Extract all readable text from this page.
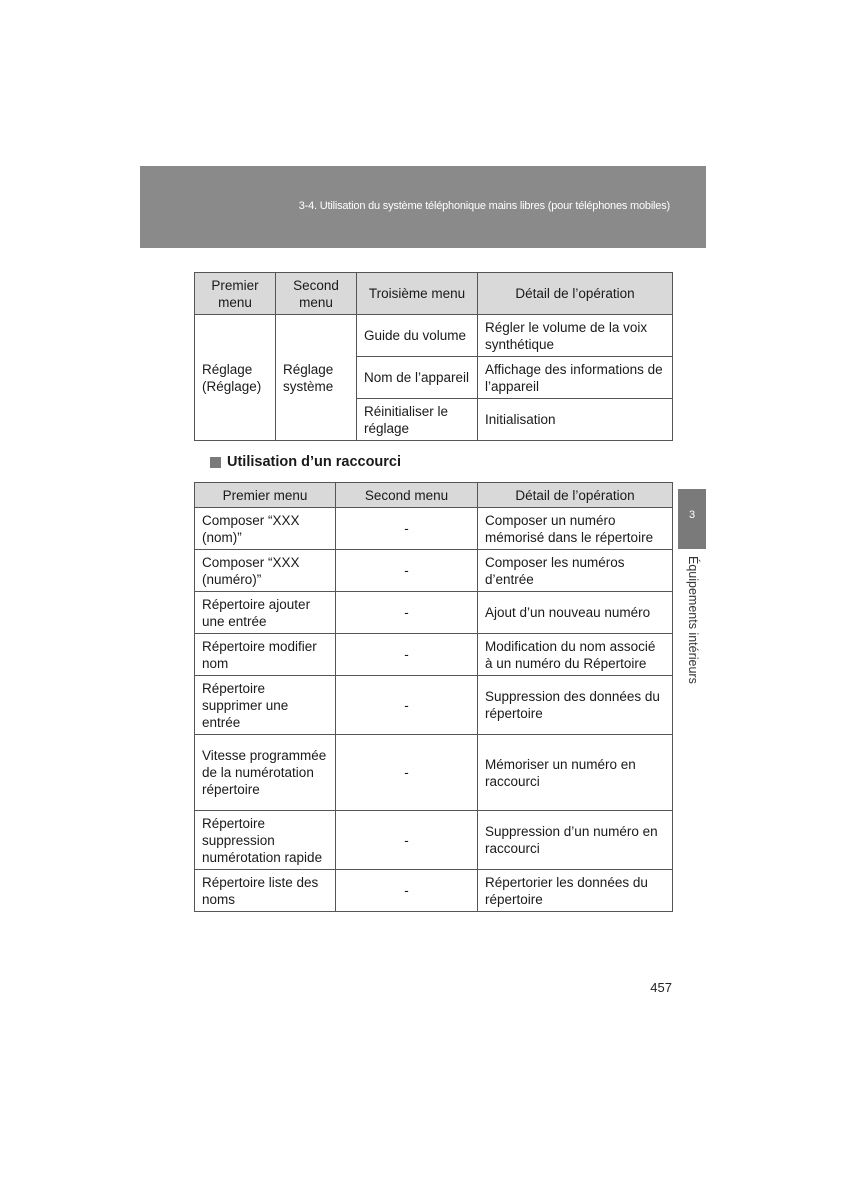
3-4. Utilisation du système téléphonique mains libres (pour téléphones mobiles)
Premier menu	Second menu	Troisième menu	Détail de l’opération
Réglage (Réglage)	Réglage système	Guide du volume	Régler le volume de la voix synthétique
		Nom de l’appareil	Affichage des informations de l’appareil
		Réinitialiser le réglage	Initialisation
Utilisation d’un raccourci
Premier menu	Second menu	Détail de l’opération
Composer “XXX (nom)”	-	Composer un numéro mémorisé dans le répertoire
Composer “XXX (numéro)”	-	Composer les numéros d’entrée
Répertoire ajouter une entrée	-	Ajout d’un nouveau numéro
Répertoire modifier nom	-	Modification du nom associé à un numéro du Répertoire
Répertoire supprimer une entrée	-	Suppression des données du répertoire
Vitesse programmée de la numérotation répertoire	-	Mémoriser un numéro en raccourci
Répertoire suppression numérotation rapide	-	Suppression d’un numéro en raccourci
Répertoire liste des noms	-	Répertorier les données du répertoire
3
Équipements intérieurs
457
